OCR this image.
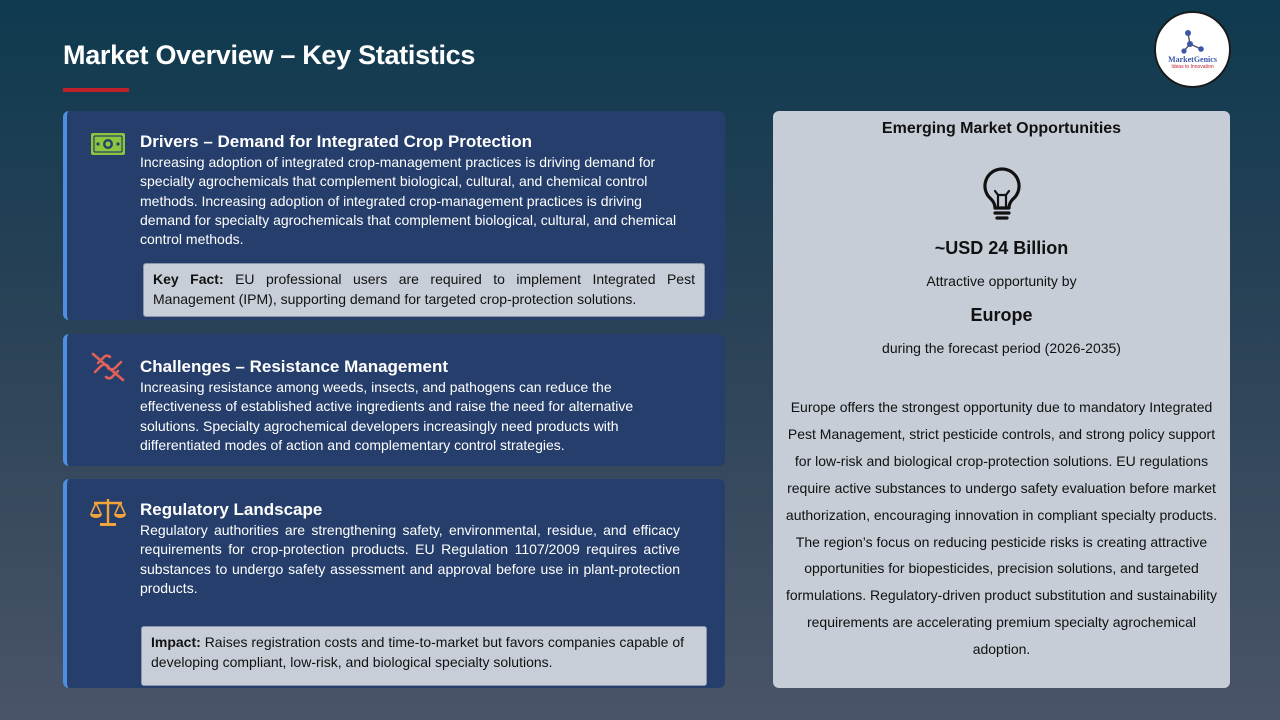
Market Overview – Key Statistics	MarketGenics
Ideas to Innovation
Drivers – Demand for Integrated Crop Protection
Increasing adoption of integrated crop-management practices is driving demand for specialty agrochemicals that complement biological, cultural, and chemical control methods. Increasing adoption of integrated crop-management practices is driving demand for specialty agrochemicals that complement biological, cultural, and chemical control methods.
Key Fact: EU professional users are required to implement Integrated Pest Management (IPM), supporting demand for targeted crop-protection solutions.
Challenges – Resistance Management
Increasing resistance among weeds, insects, and pathogens can reduce the effectiveness of established active ingredients and raise the need for alternative solutions. Specialty agrochemical developers increasingly need products with differentiated modes of action and complementary control strategies.
Regulatory Landscape
Regulatory authorities are strengthening safety, environmental, residue, and efficacy requirements for crop-protection products. EU Regulation 1107/2009 requires active substances to undergo safety assessment and approval before use in plant-protection products.
Impact: Raises registration costs and time-to-market but favors companies capable of developing compliant, low-risk, and biological specialty solutions.
Emerging Market Opportunities
~USD 24 Billion
Attractive opportunity by
Europe
during the forecast period (2026-2035)
Europe offers the strongest opportunity due to mandatory Integrated Pest Management, strict pesticide controls, and strong policy support for low-risk and biological crop-protection solutions. EU regulations require active substances to undergo safety evaluation before market authorization, encouraging innovation in compliant specialty products. The region’s focus on reducing pesticide risks is creating attractive opportunities for biopesticides, precision solutions, and targeted formulations. Regulatory-driven product substitution and sustainability requirements are accelerating premium specialty agrochemical adoption.
